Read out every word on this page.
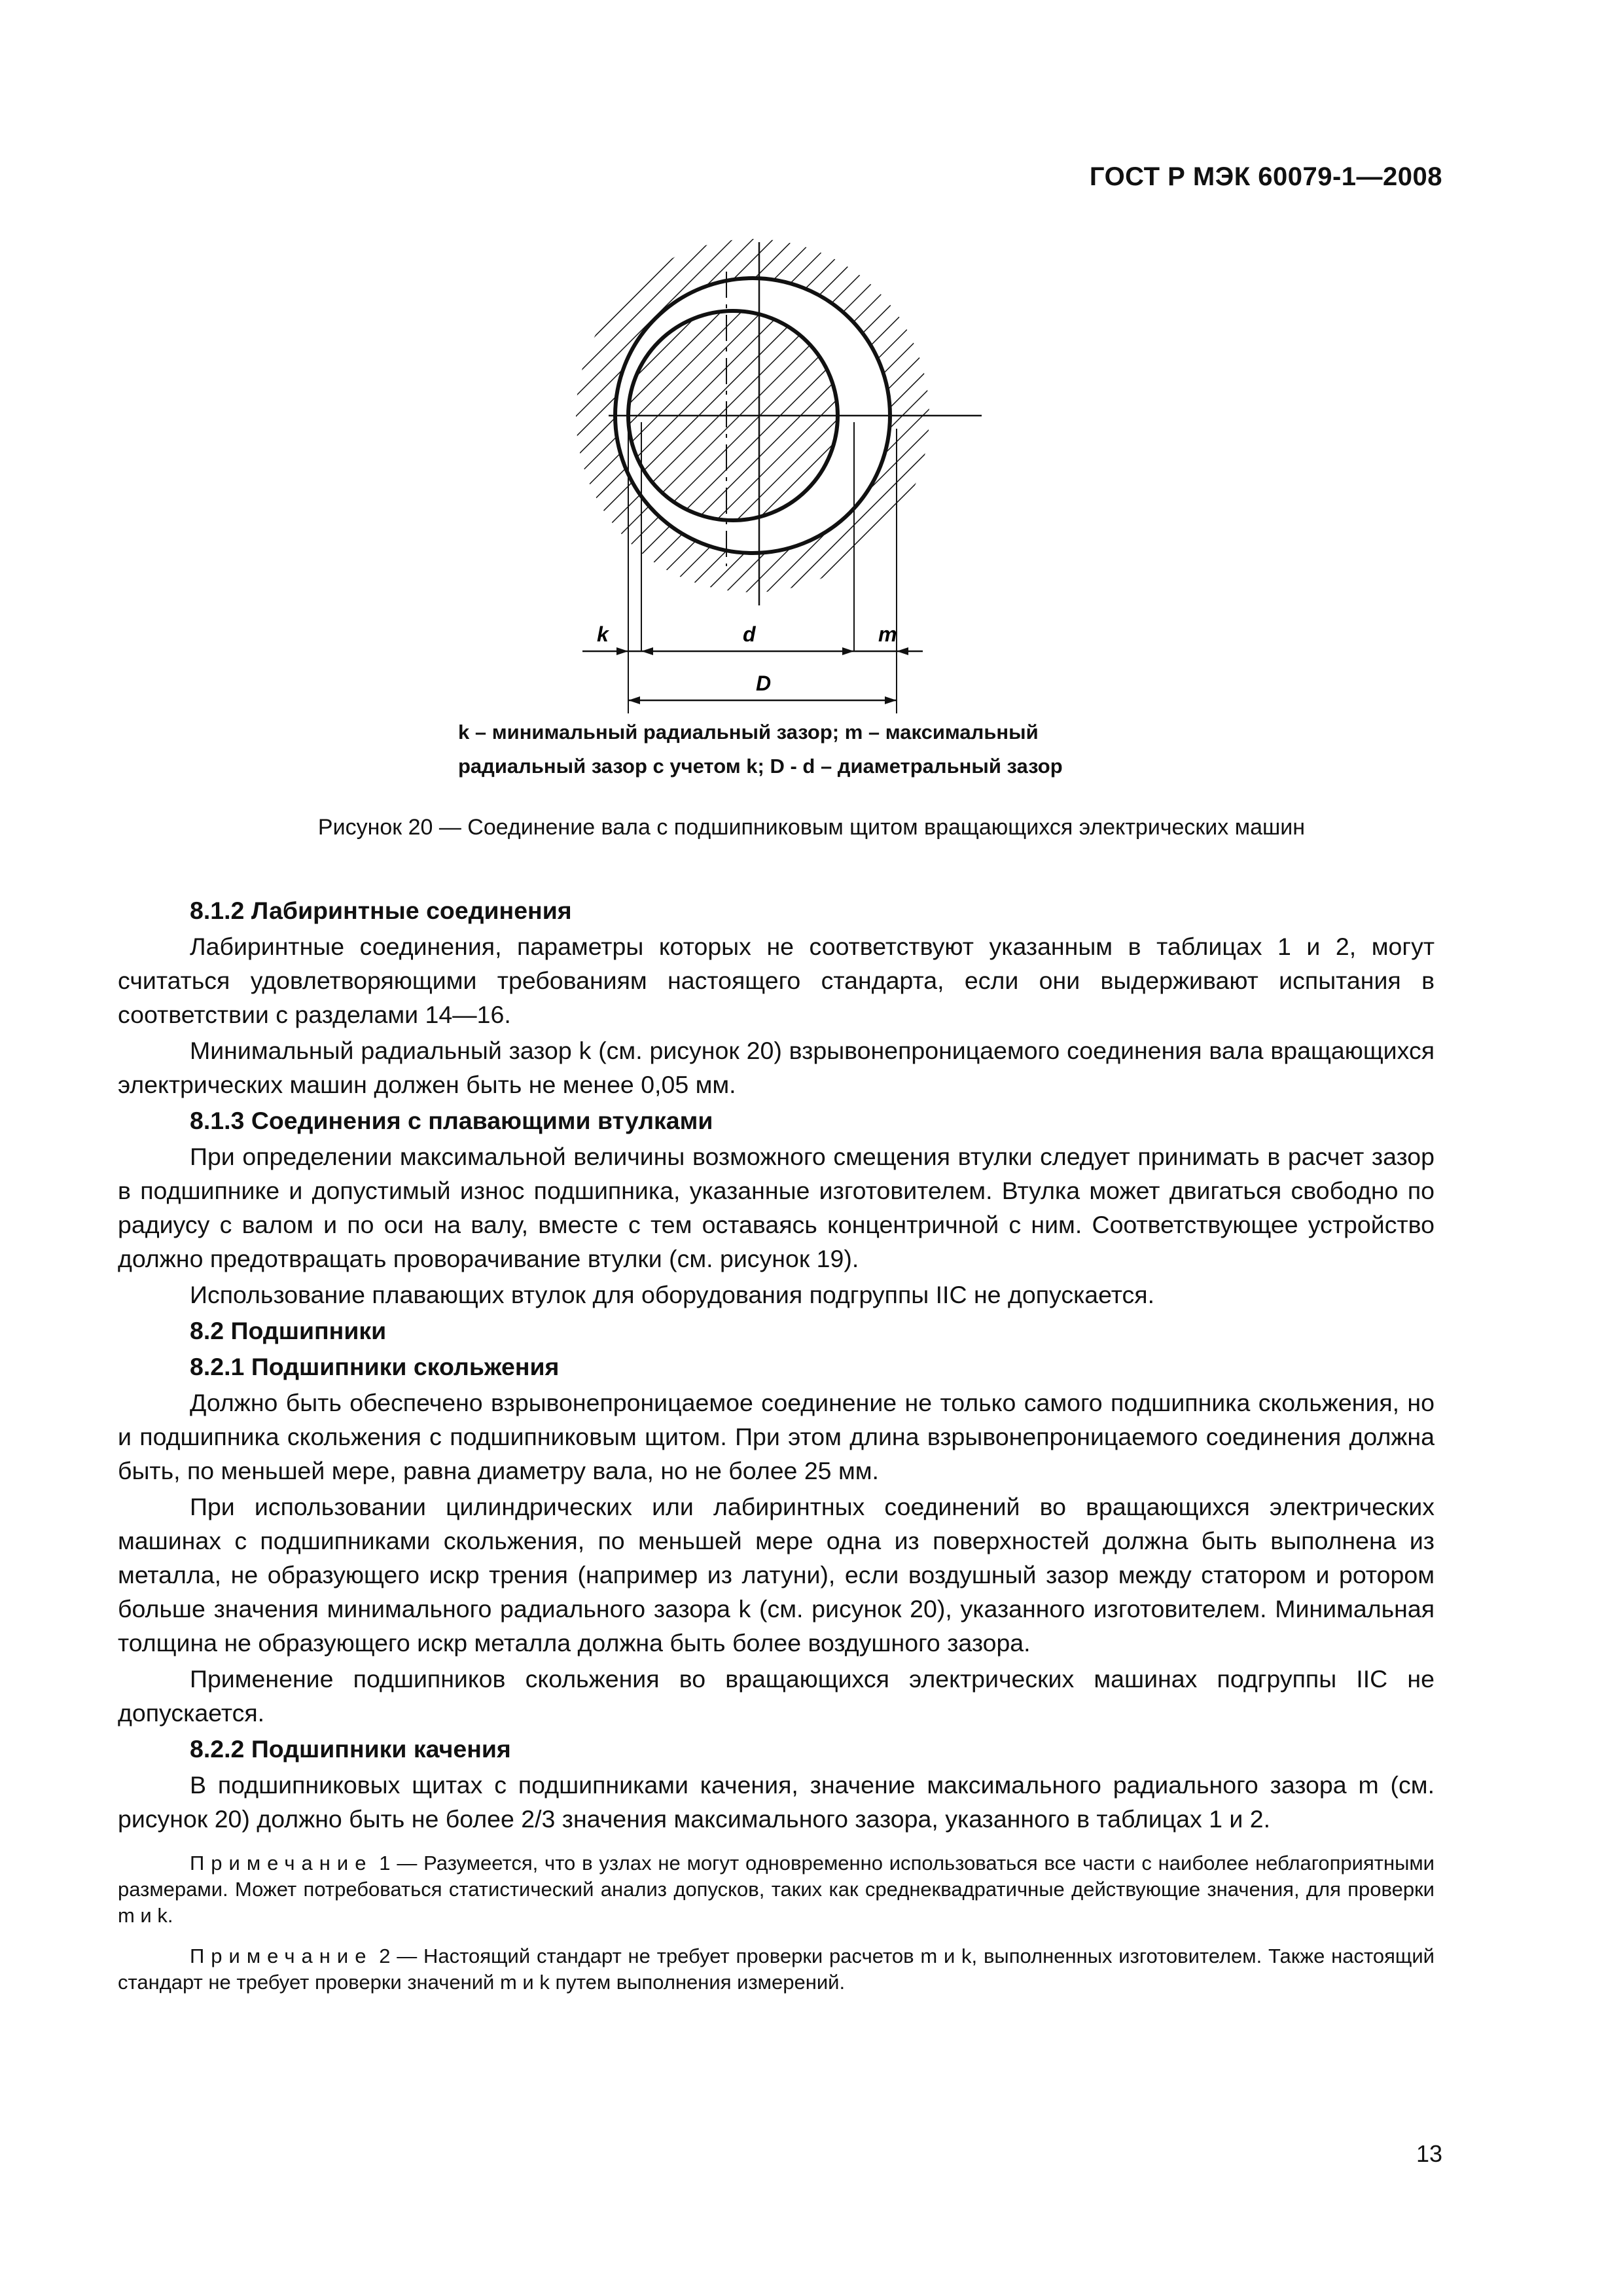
ГОСТ Р МЭК 60079-1—2008
k	d	m
D
k – минимальный радиальный зазор; m – максимальный
радиальный зазор с учетом k; D - d – диаметральный зазор
Рисунок 20 — Соединение вала с подшипниковым щитом вращающихся электрических машин

8.1.2 Лабиринтные соединения

Лабиринтные соединения, параметры которых не соответствуют указанным в таблицах 1 и 2, могут считаться удовлетворяющими требованиям настоящего стандарта, если они выдерживают испытания в соответствии с разделами 14—16.

Минимальный радиальный зазор k (см. рисунок 20) взрывонепроницаемого соединения вала вращающихся электрических машин должен быть не менее 0,05 мм.

8.1.3 Соединения с плавающими втулками

При определении максимальной величины возможного смещения втулки следует принимать в расчет зазор в подшипнике и допустимый износ подшипника, указанные изготовителем. Втулка может двигаться свободно по радиусу с валом и по оси на валу, вместе с тем оставаясь концентричной с ним. Соответствующее устройство должно предотвращать проворачивание втулки (см. рисунок 19).

Использование плавающих втулок для оборудования подгруппы IIC не допускается.

8.2 Подшипники

8.2.1 Подшипники скольжения

Должно быть обеспечено взрывонепроницаемое соединение не только самого подшипника скольжения, но и подшипника скольжения с подшипниковым щитом. При этом длина взрывонепроницаемого соединения должна быть, по меньшей мере, равна диаметру вала, но не более 25 мм.

При использовании цилиндрических или лабиринтных соединений во вращающихся электрических машинах с подшипниками скольжения, по меньшей мере одна из поверхностей должна быть выполнена из металла, не образующего искр трения (например из латуни), если воздушный зазор между статором и ротором больше значения минимального радиального зазора k (см. рисунок 20), указанного изготовителем. Минимальная толщина не образующего искр металла должна быть более воздушного зазора.

Применение подшипников скольжения во вращающихся электрических машинах подгруппы IIC не допускается.

8.2.2 Подшипники качения

В подшипниковых щитах с подшипниками качения, значение максимального радиального зазора m (см. рисунок 20) должно быть не более 2/3 значения максимального зазора, указанного в таблицах 1 и 2.

Примечание 1 — Разумеется, что в узлах не могут одновременно использоваться все части с наиболее неблагоприятными размерами. Может потребоваться статистический анализ допусков, таких как среднеквадратичные действующие значения, для проверки m и k.
Примечание 2 — Настоящий стандарт не требует проверки расчетов m и k, выполненных изготовителем. Также настоящий стандарт не требует проверки значений m и k путем выполнения измерений.
13
